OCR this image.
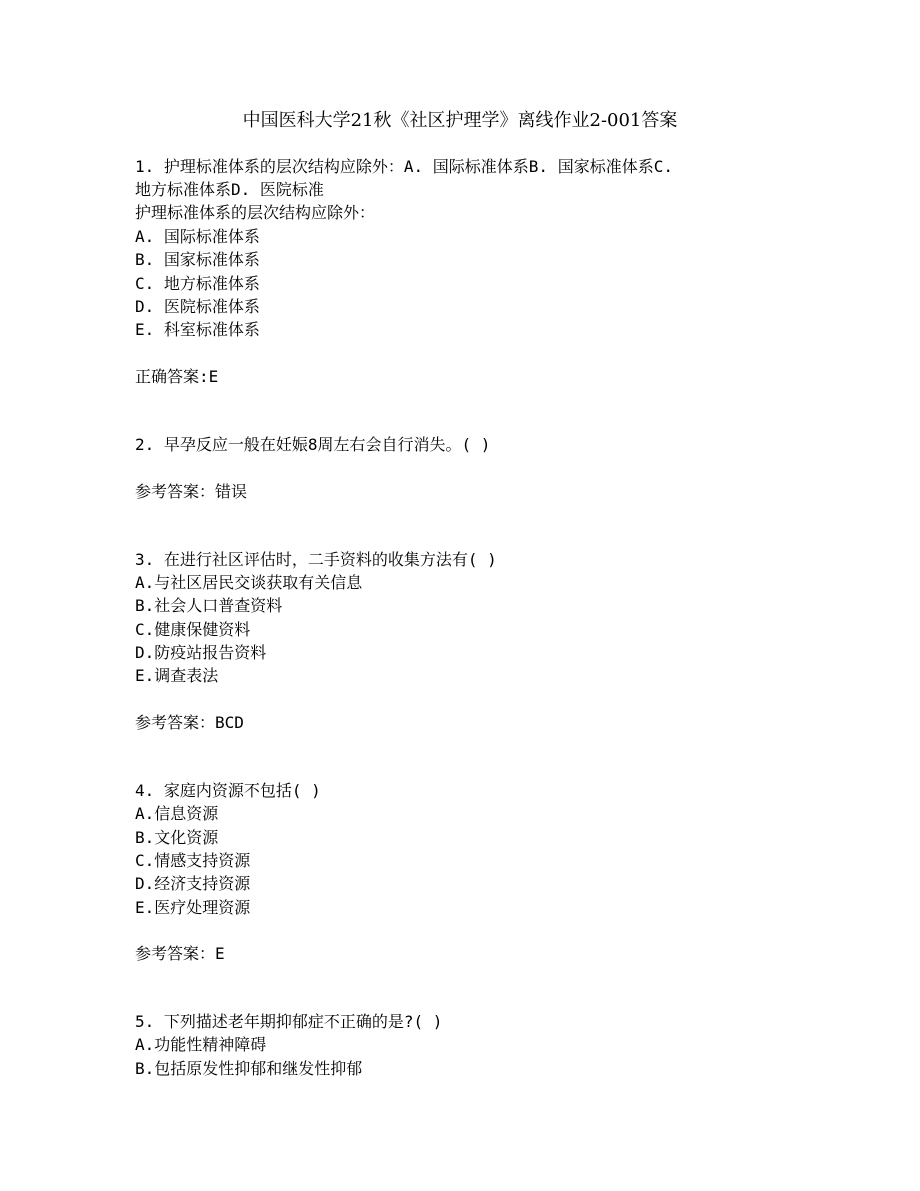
中国医科大学21秋《社区护理学》离线作业2-001答案
1. 护理标准体系的层次结构应除外：A. 国际标准体系B. 国家标准体系C.
地方标准体系D. 医院标准
护理标准体系的层次结构应除外：
A. 国际标准体系
B. 国家标准体系
C. 地方标准体系
D. 医院标准体系
E. 科室标准体系
正确答案:E
2. 早孕反应一般在妊娠8周左右会自行消失。( )
参考答案：错误
3. 在进行社区评估时，二手资料的收集方法有( )
A.与社区居民交谈获取有关信息
B.社会人口普查资料
C.健康保健资料
D.防疫站报告资料
E.调查表法
参考答案：BCD
4. 家庭内资源不包括( )
A.信息资源
B.文化资源
C.情感支持资源
D.经济支持资源
E.医疗处理资源
参考答案：E
5. 下列描述老年期抑郁症不正确的是?( )
A.功能性精神障碍
B.包括原发性抑郁和继发性抑郁
